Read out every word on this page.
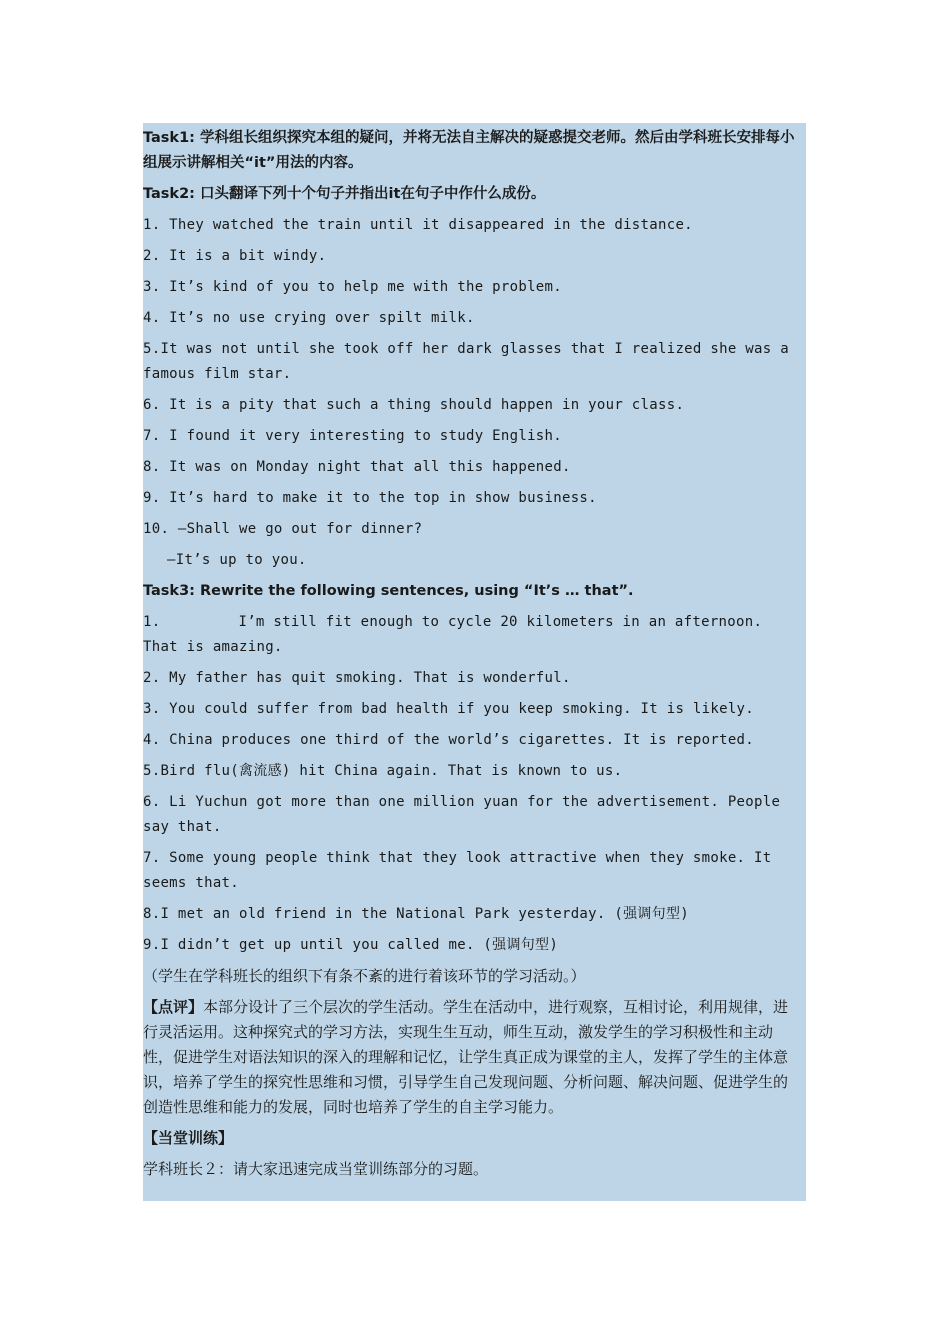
Task1: 学科组长组织探究本组的疑问，并将无法自主解决的疑惑提交老师。然后由学科班长安排每小组展示讲解相关“it”用法的内容。
Task2: 口头翻译下列十个句子并指出it在句子中作什么成份。
1. They watched the train until it disappeared in the distance.
2. It is a bit windy.
3. It’s kind of you to help me with the problem.
4. It’s no use crying over spilt milk.
5.It was not until she took off her dark glasses that I realized she was a famous film star.
6. It is a pity that such a thing should happen in your class.
7. I found it very interesting to study English.
8. It was on Monday night that all this happened.
9. It’s hard to make it to the top in show business.
10. —Shall we go out for dinner?
—It’s up to you.
Task3: Rewrite the following sentences, using “It’s … that”.
1.	I’m still fit enough to cycle 20 kilometers in an afternoon. That is amazing.
2. My father has quit smoking. That is wonderful.
3. You could suffer from bad health if you keep smoking. It is likely.
4. China produces one third of the world’s cigarettes. It is reported.
5.Bird flu(禽流感) hit China again. That is known to us.
6. Li Yuchun got more than one million yuan for the advertisement. People say that.
7. Some young people think that they look attractive when they smoke. It seems that.
8.I met an old friend in the National Park yesterday. (强调句型)
9.I didn’t get up until you called me. (强调句型)
（学生在学科班长的组织下有条不紊的进行着该环节的学习活动。）
【点评】本部分设计了三个层次的学生活动。学生在活动中，进行观察，互相讨论，利用规律，进行灵活运用。这种探究式的学习方法，实现生生互动，师生互动，激发学生的学习积极性和主动性，促进学生对语法知识的深入的理解和记忆，让学生真正成为课堂的主人，发挥了学生的主体意识，培养了学生的探究性思维和习惯，引导学生自己发现问题、分析问题、解决问题、促进学生的创造性思维和能力的发展，同时也培养了学生的自主学习能力。
【当堂训练】
学科班长２：请大家迅速完成当堂训练部分的习题。
